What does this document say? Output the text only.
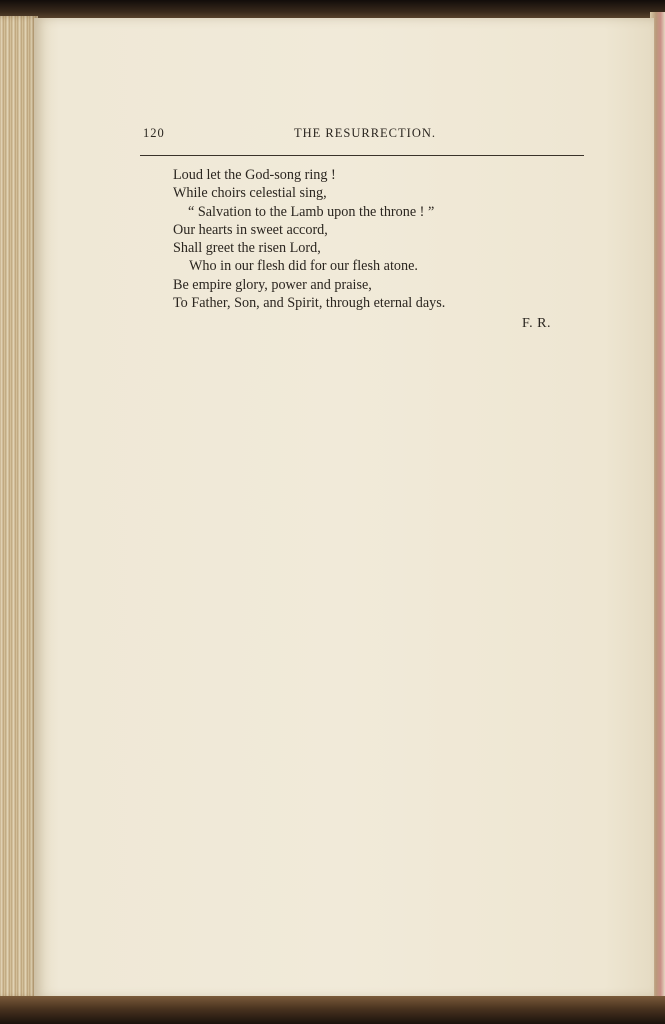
120	THE RESURRECTION.
Loud let the God-song ring !
While choirs celestial sing,
“ Salvation to the Lamb upon the throne ! ”
Our hearts in sweet accord,
Shall greet the risen Lord,
Who in our flesh did for our flesh atone.
Be empire glory, power and praise,
To Father, Son, and Spirit, through eternal days.
F. R.
